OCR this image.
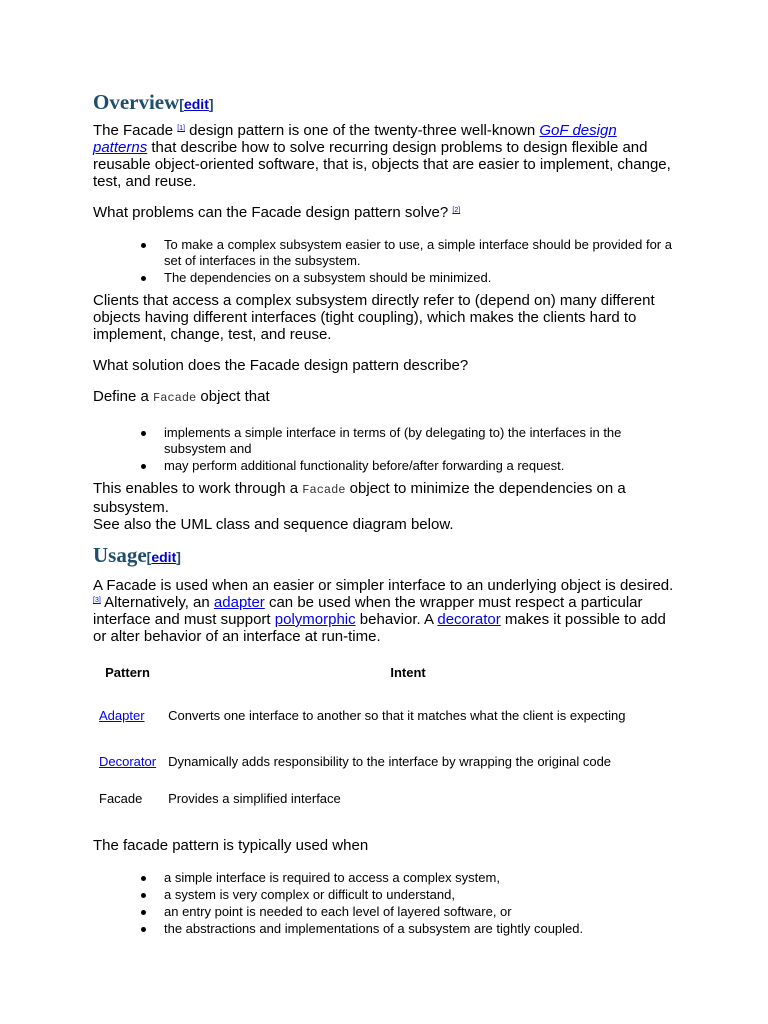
Overview[edit]

The Facade [1] design pattern is one of the twenty-three well-known GoF design patterns that describe how to solve recurring design problems to design flexible and reusable object-oriented software, that is, objects that are easier to implement, change, test, and reuse.

What problems can the Facade design pattern solve? [2]

To make a complex subsystem easier to use, a simple interface should be provided for a set of interfaces in the subsystem.
The dependencies on a subsystem should be minimized.

Clients that access a complex subsystem directly refer to (depend on) many different objects having different interfaces (tight coupling), which makes the clients hard to implement, change, test, and reuse.

What solution does the Facade design pattern describe?

Define a Facade object that

implements a simple interface in terms of (by delegating to) the interfaces in the subsystem and
may perform additional functionality before/after forwarding a request.

This enables to work through a Facade object to minimize the dependencies on a subsystem.

See also the UML class and sequence diagram below.

Usage[edit]

A Facade is used when an easier or simpler interface to an underlying object is desired.[3] Alternatively, an adapter can be used when the wrapper must respect a particular interface and must support polymorphic behavior. A decorator makes it possible to add or alter behavior of an interface at run-time.

Pattern	Intent
Adapter	Converts one interface to another so that it matches what the client is expecting
Decorator	Dynamically adds responsibility to the interface by wrapping the original code
Facade	Provides a simplified interface

The facade pattern is typically used when

a simple interface is required to access a complex system,
a system is very complex or difficult to understand,
an entry point is needed to each level of layered software, or
the abstractions and implementations of a subsystem are tightly coupled.
